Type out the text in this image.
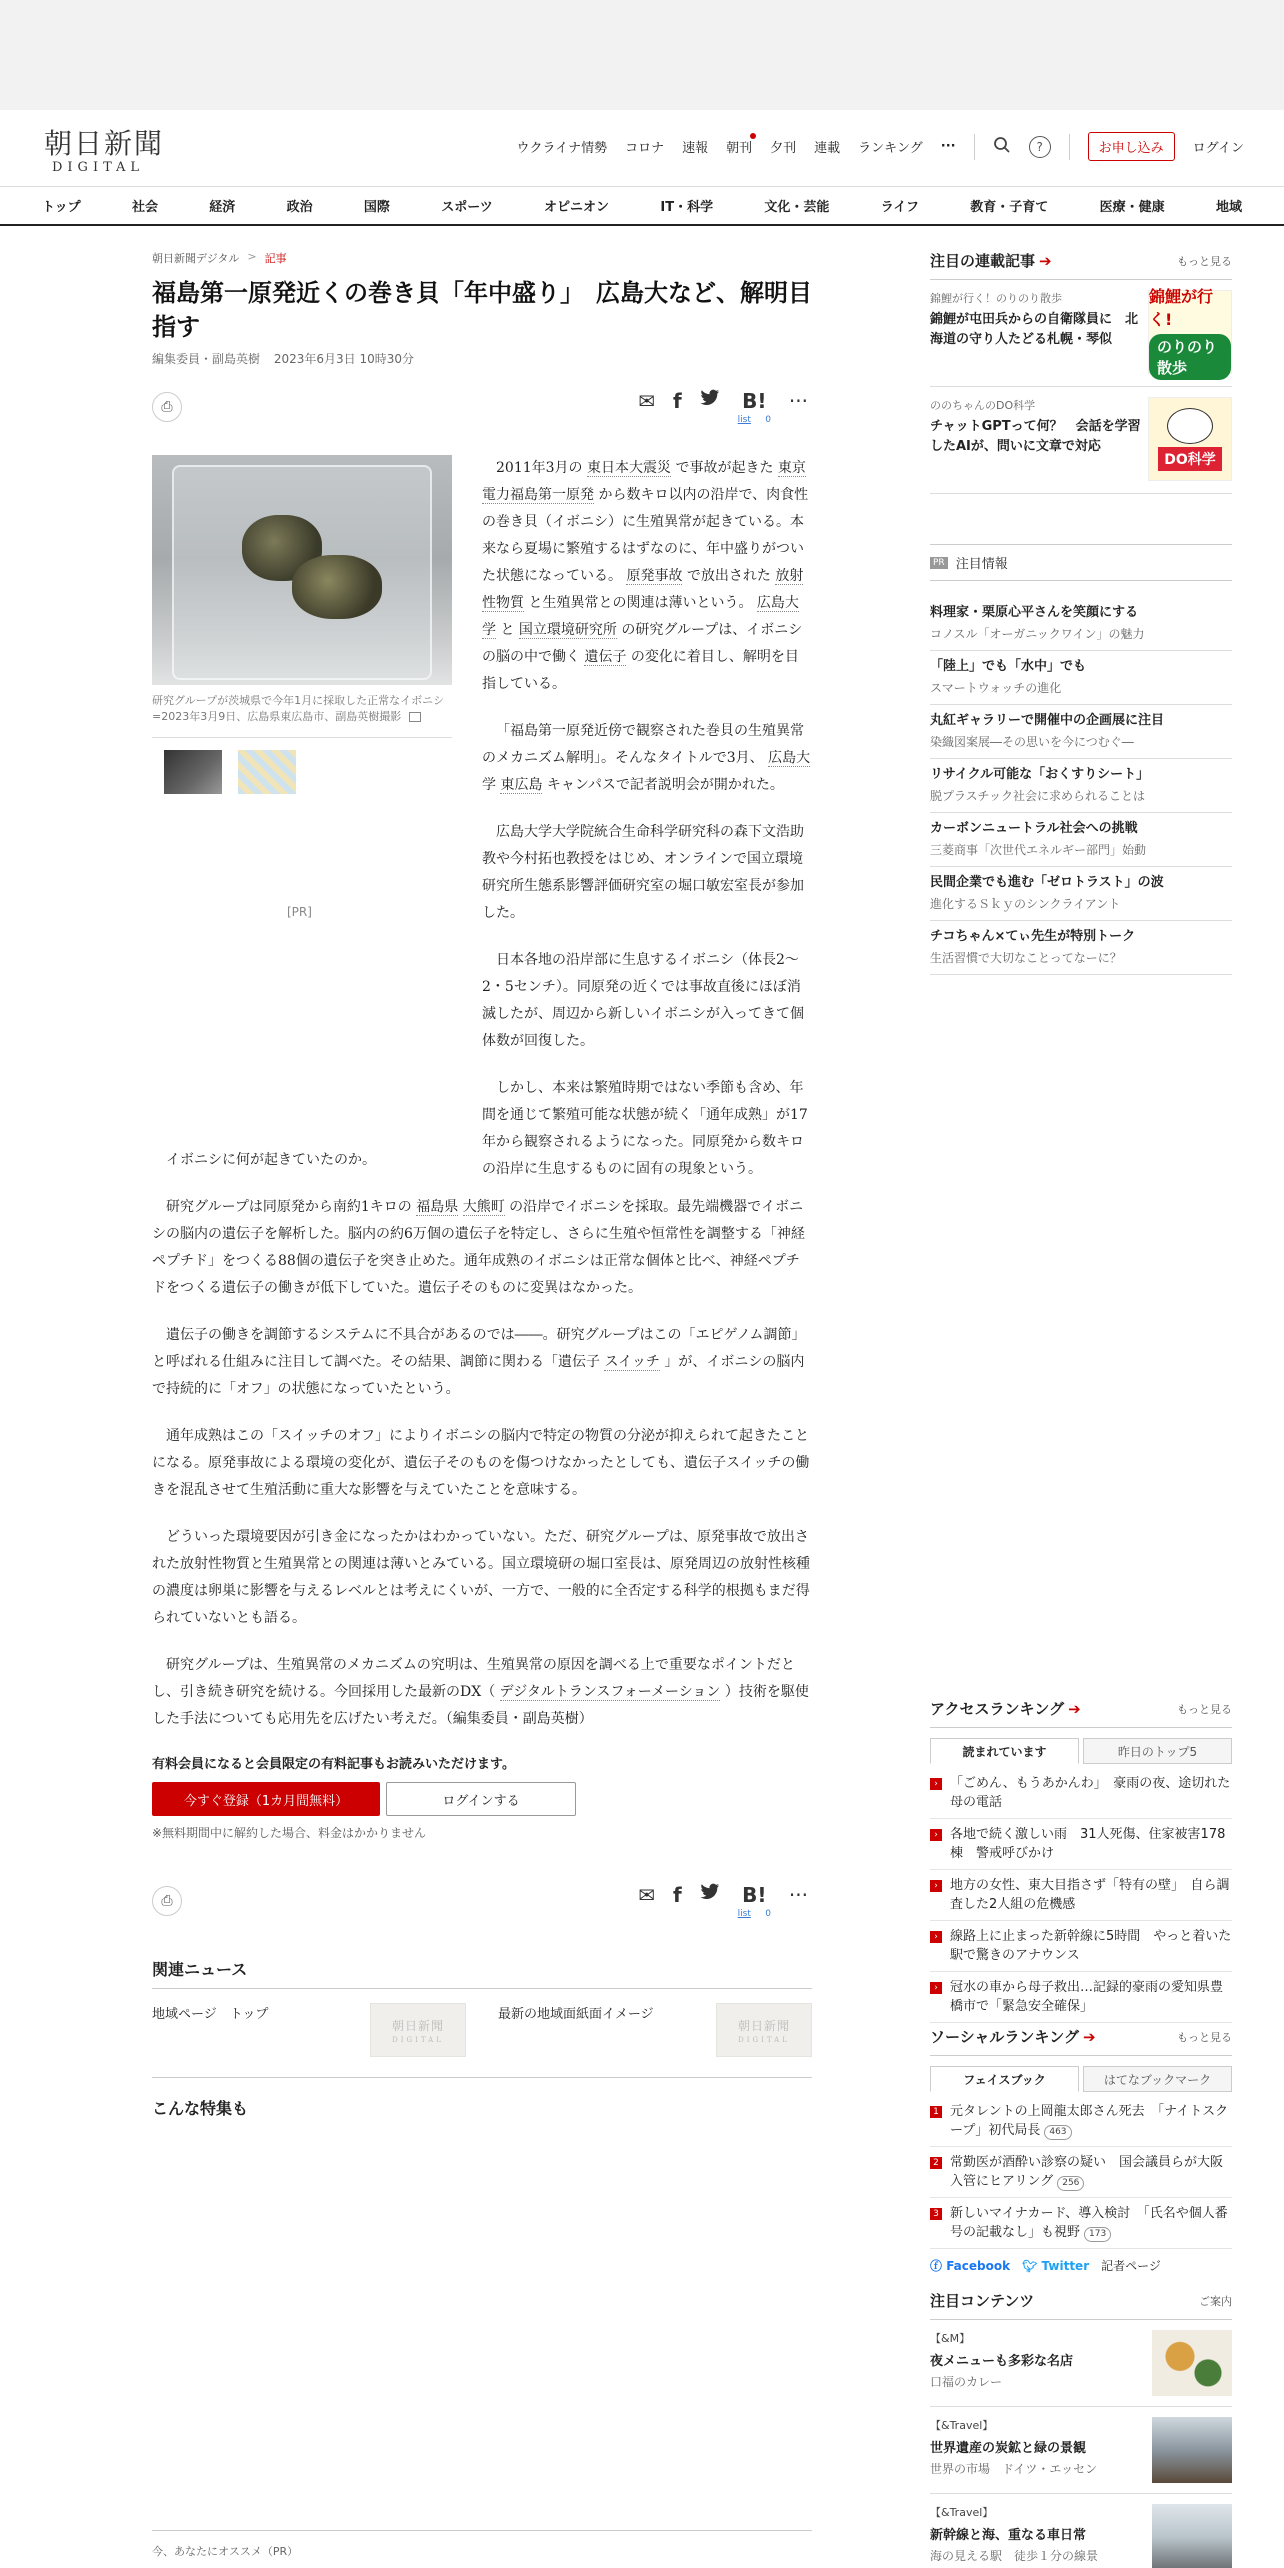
朝日新聞
DIGITAL
ウクライナ情勢 コロナ 速報 朝刊 夕刊 連載 ランキング ···	?	お申し込み	ログイン
トップ	社会	経済	政治	国際	スポーツ	オピニオン	IT・科学	文化・芸能	ライフ	教育・子育て	医療・健康	地域
朝日新聞デジタル > 記事
福島第一原発近くの巻き貝「年中盛り」　広島大など、解明目指す
編集委員・副島英樹 2023年6月3日 10時30分
⎙	✉ f	B!
list 0
···
研究グループが茨城県で今年1月に採取した正常なイボニシ=2023年3月9日、広島県東広島市、副島英樹撮影
[PR]

2011年3月の 東日本大震災 で事故が起きた 東京電力福島第一原発 から数キロ以内の沿岸で、肉食性の巻き貝（イボニシ）に生殖異常が起きている。本来なら夏場に繁殖するはずなのに、年中盛りがついた状態になっている。 原発事故 で放出された 放射性物質 と生殖異常との関連は薄いという。 広島大学 と 国立環境研究所 の研究グループは、イボニシの脳の中で働く 遺伝子 の変化に着目し、解明を目指している。

「福島第一原発近傍で観察された巻貝の生殖異常のメカニズム解明」。そんなタイトルで3月、 広島大 学 東広島 キャンパスで記者説明会が開かれた。

広島大学大学院統合生命科学研究科の森下文浩助教や今村拓也教授をはじめ、オンラインで国立環境研究所生態系影響評価研究室の堀口敏宏室長が参加した。

日本各地の沿岸部に生息するイボニシ（体長2～2・5センチ）。同原発の近くでは事故直後にほぼ消滅したが、周辺から新しいイボニシが入ってきて個体数が回復した。

しかし、本来は繁殖時期ではない季節も含め、年間を通じて繁殖可能な状態が続く「通年成熟」が17年から観察されるようになった。同原発から数キロの沿岸に生息するものに固有の現象という。

イボニシに何が起きていたのか。

研究グループは同原発から南約1キロの 福島県 大熊町 の沿岸でイボニシを採取。最先端機器でイボニシの脳内の遺伝子を解析した。脳内の約6万個の遺伝子を特定し、さらに生殖や恒常性を調整する「神経ペプチド」をつくる88個の遺伝子を突き止めた。通年成熟のイボニシは正常な個体と比べ、神経ペプチドをつくる遺伝子の働きが低下していた。遺伝子そのものに変異はなかった。

遺伝子の働きを調節するシステムに不具合があるのでは――。研究グループはこの「エピゲノム調節」と呼ばれる仕組みに注目して調べた。その結果、調節に関わる「遺伝子 スイッチ 」が、イボニシの脳内で持続的に「オフ」の状態になっていたという。

通年成熟はこの「スイッチのオフ」によりイボニシの脳内で特定の物質の分泌が抑えられて起きたことになる。原発事故による環境の変化が、遺伝子そのものを傷つけなかったとしても、遺伝子スイッチの働きを混乱させて生殖活動に重大な影響を与えていたことを意味する。

どういった環境要因が引き金になったかはわかっていない。ただ、研究グループは、原発事故で放出された放射性物質と生殖異常との関連は薄いとみている。国立環境研の堀口室長は、原発周辺の放射性核種の濃度は卵巣に影響を与えるレベルとは考えにくいが、一方で、一般的に全否定する科学的根拠もまだ得られていないとも語る。

研究グループは、生殖異常のメカニズムの究明は、生殖異常の原因を調べる上で重要なポイントだとし、引き続き研究を続ける。今回採用した最新のDX（ デジタルトランスフォーメーション ）技術を駆使した手法についても応用先を広げたい考えだ。（編集委員・副島英樹）

有料会員になると会員限定の有料記事もお読みいただけます。
今すぐ登録（1カ月間無料）	ログインする
※無料期間中に解約した場合、料金はかかりません
⎙	✉ f	B!
list 0
···
関連ニュース
地域ページ　トップ
朝日新聞
DIGITAL
最新の地域面紙面イメージ
朝日新聞
DIGITAL
こんな特集も
今、あなたにオススメ（PR）
注目の連載記事 ➔	もっと見る
錦鯉が行く！のりのり散歩
錦鯉が屯田兵からの自衛隊員に　北海道の守り人たどる札幌・琴似
錦鯉が行く!
のりのり散歩
ののちゃんのDO科学
チャットGPTって何？　会話を学習したAIが、問いに文章で対応
DO科学
PR 注目情報
料理家・栗原心平さんを笑顔にする
コノスル「オーガニックワイン」の魅力
「陸上」でも「水中」でも
スマートウォッチの進化
丸紅ギャラリーで開催中の企画展に注目
染織図案展―その思いを今につむぐ―
リサイクル可能な「おくすりシート」
脱プラスチック社会に求められることは
カーボンニュートラル社会への挑戦
三菱商事「次世代エネルギー部門」始動
民間企業でも進む「ゼロトラスト」の波
進化するＳｋｙのシンクライアント
チコちゃん×てぃ先生が特別トーク
生活習慣で大切なことってなーに？
アクセスランキング ➔	もっと見る
読まれています	昨日のトップ5
› 「ごめん、もうあかんわ」　豪雨の夜、途切れた母の電話
› 各地で続く激しい雨　31人死傷、住家被害178棟　警戒呼びかけ
› 地方の女性、東大目指さず「特有の壁」　自ら調査した2人組の危機感
› 線路上に止まった新幹線に5時間　やっと着いた駅で驚きのアナウンス
› 冠水の車から母子救出…記録的豪雨の愛知県豊橋市で「緊急安全確保」
ソーシャルランキング ➔	もっと見る
フェイスブック	はてなブックマーク
1 元タレントの上岡龍太郎さん死去　「ナイトスクープ」初代局長 463
2 常勤医が酒酔い診察の疑い　国会議員らが大阪入管にヒアリング 256
3 新しいマイナカード、導入検討　「氏名や個人番号の記載なし」も視野 173
ⓕ Facebook 🐦︎ Twitter 記者ページ
注目コンテンツ	ご案内
【&M】
夜メニューも多彩な名店
口福のカレー
【&Travel】
世界遺産の炭鉱と緑の景観
世界の市場　ドイツ・エッセン
【&Travel】
新幹線と海、重なる車日常
海の見える駅　徒歩１分の線景
